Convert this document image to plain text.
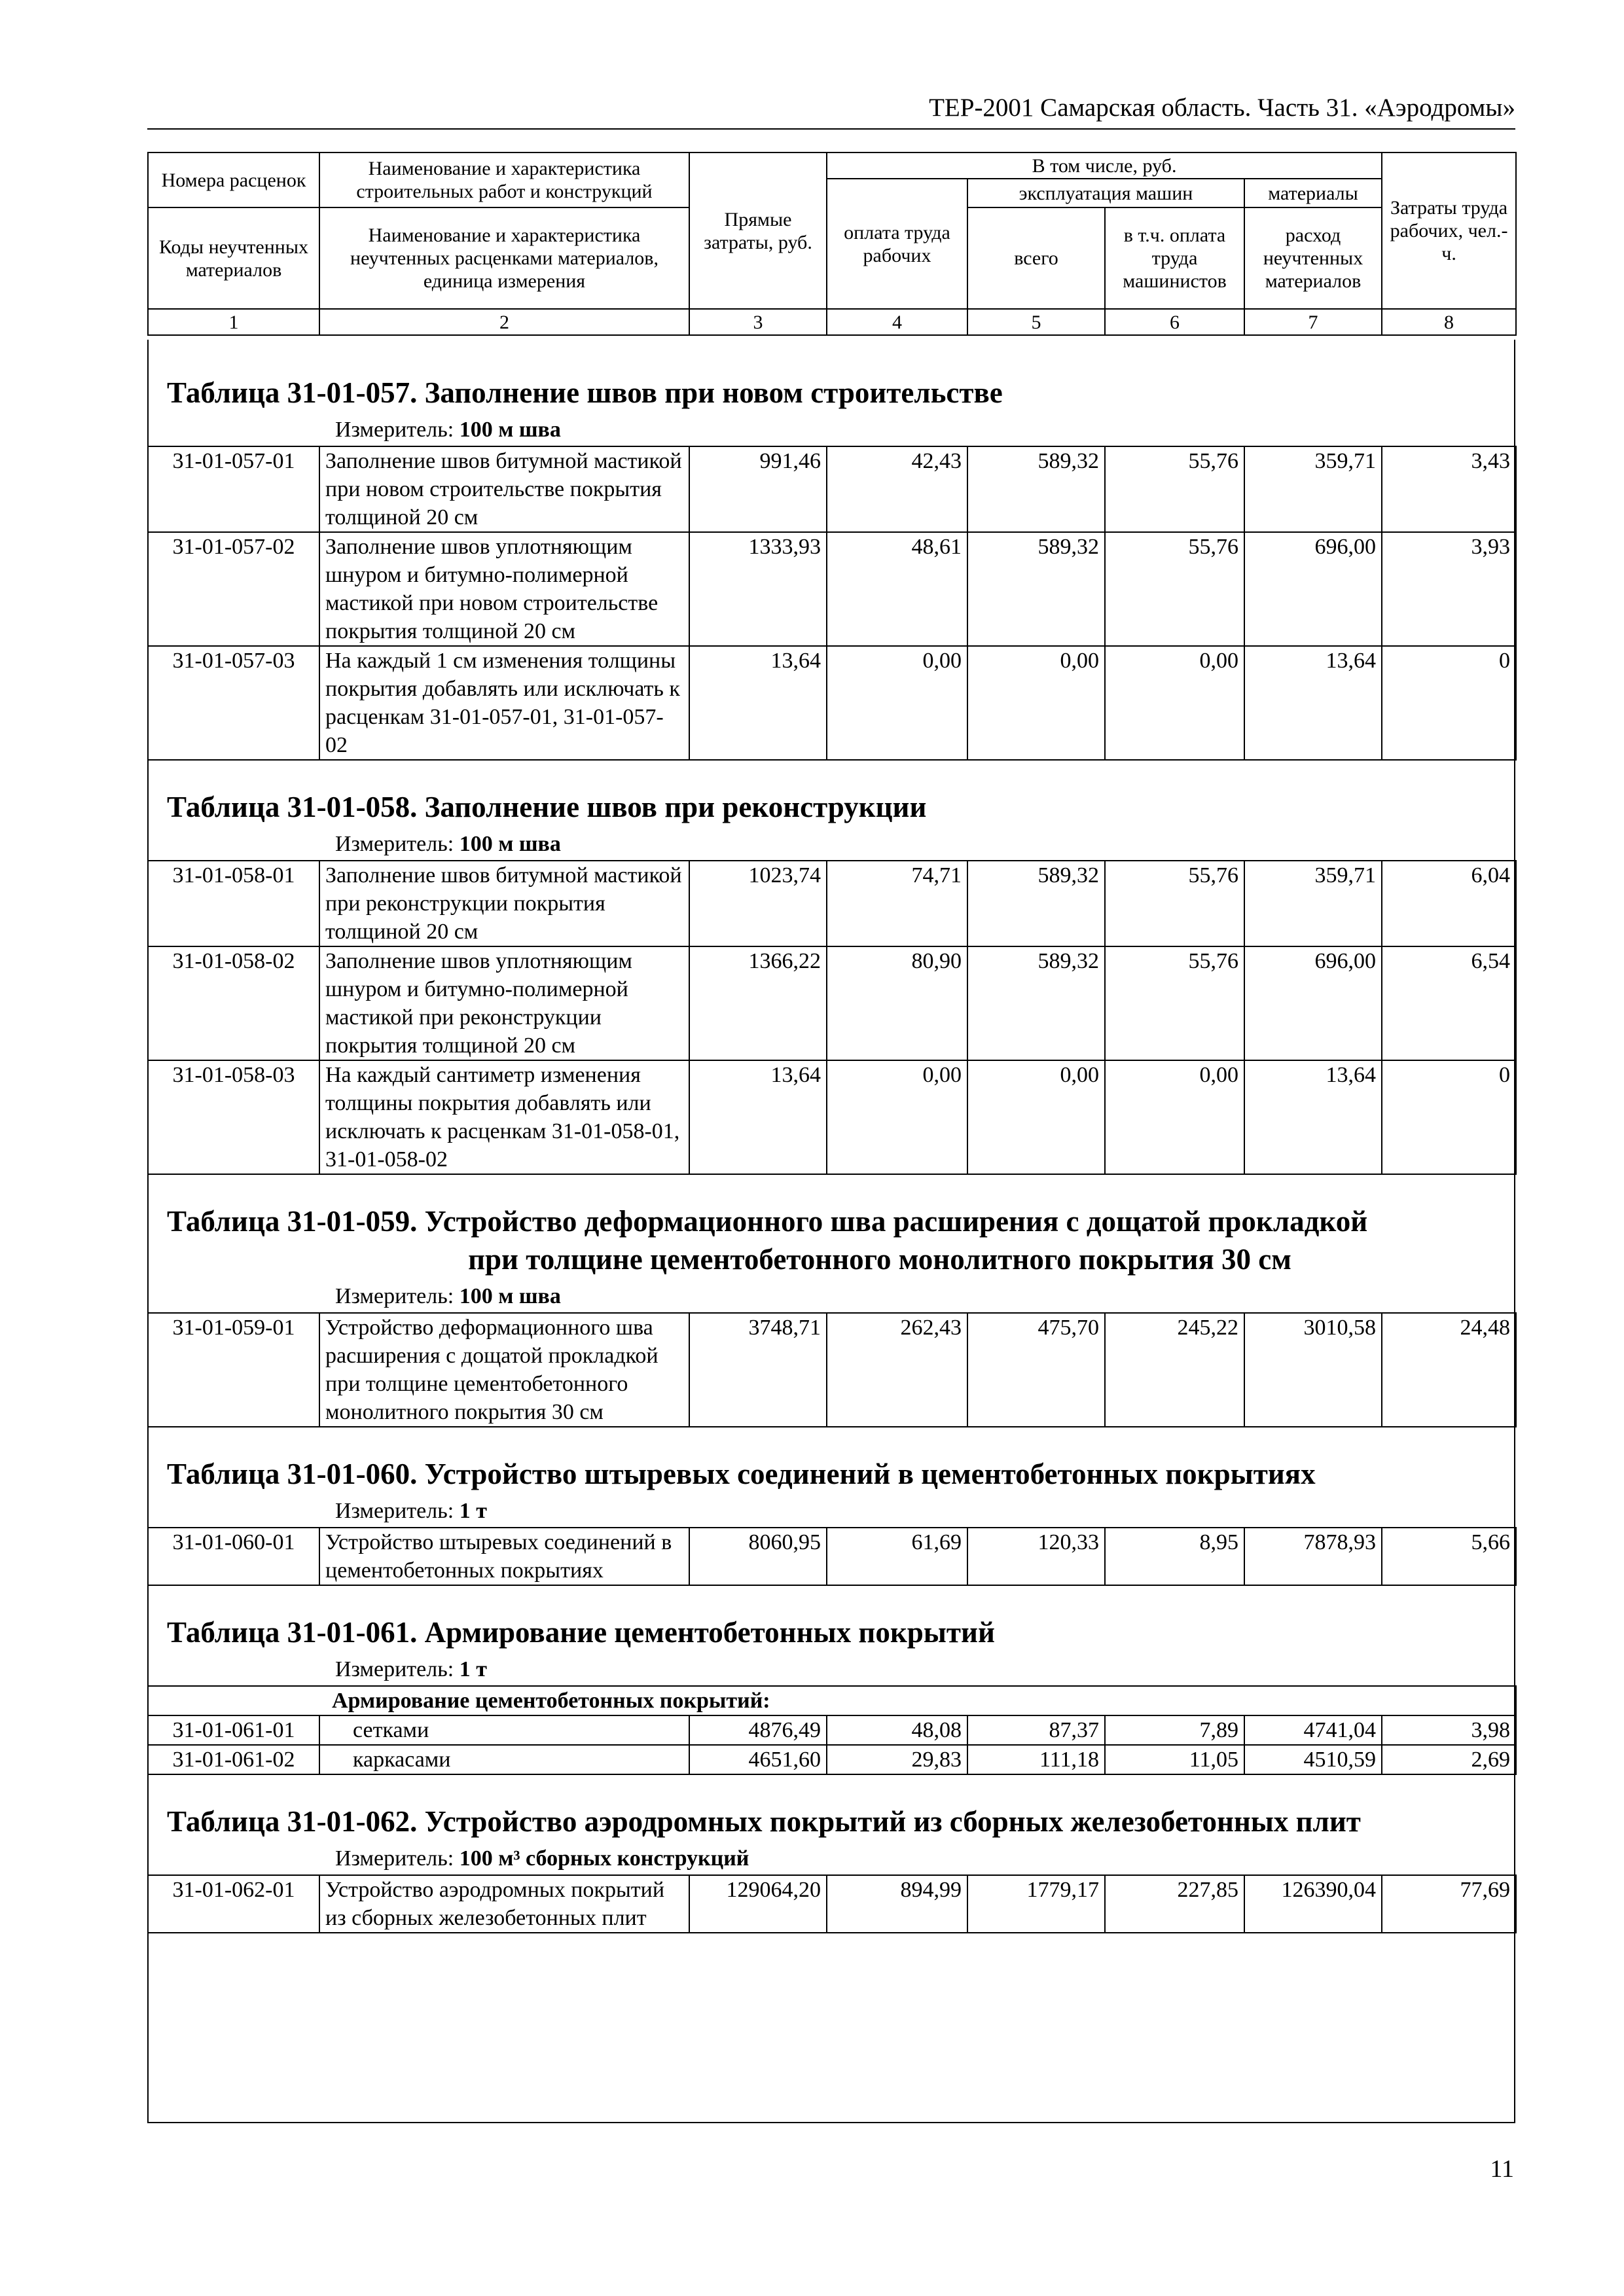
ТЕР-2001 Самарская область. Часть 31. «Аэродромы»
Номера расценок	Наименование и характеристика строительных работ и конструкций	Прямые затраты, руб.	В том числе, руб.				Затраты труда рабочих, чел.-ч.
			оплата труда рабочих	эксплуатация машин		материалы	
Коды неучтенных материалов	Наименование и характеристика неучтенных расценками материалов, единица измерения			всего	в т.ч. оплата труда машинистов	расход неучтенных материалов	
1	2	3	4	5	6	7	8
Таблица 31-01-057. Заполнение швов при новом строительстве
Измеритель: 100 м шва
31-01-057-01	Заполнение швов битумной мастикой при новом строительстве покрытия толщиной 20 см	991,46	42,43	589,32	55,76	359,71	3,43
31-01-057-02	Заполнение швов уплотняющим шнуром и битумно-полимерной мастикой при новом строительстве покрытия толщиной 20 см	1333,93	48,61	589,32	55,76	696,00	3,93
31-01-057-03	На каждый 1 см изменения толщины покрытия добавлять или исключать к расценкам 31-01-057-01, 31-01-057-02	13,64	0,00	0,00	0,00	13,64	0
Таблица 31-01-058. Заполнение швов при реконструкции
Измеритель: 100 м шва
31-01-058-01	Заполнение швов битумной мастикой при реконструкции покрытия толщиной 20 см	1023,74	74,71	589,32	55,76	359,71	6,04
31-01-058-02	Заполнение швов уплотняющим шнуром и битумно-полимерной мастикой при реконструкции покрытия толщиной 20 см	1366,22	80,90	589,32	55,76	696,00	6,54
31-01-058-03	На каждый сантиметр изменения толщины покрытия добавлять или исключать к расценкам 31-01-058-01, 31-01-058-02	13,64	0,00	0,00	0,00	13,64	0
Таблица 31-01-059. Устройство деформационного шва расширения с дощатой прокладкой
при толщине цементобетонного монолитного покрытия 30 см
Измеритель: 100 м шва
31-01-059-01	Устройство деформационного шва расширения с дощатой прокладкой при толщине цементобетонного монолитного покрытия 30 см	3748,71	262,43	475,70	245,22	3010,58	24,48
Таблица 31-01-060. Устройство штыревых соединений в цементобетонных покрытиях
Измеритель: 1 т
31-01-060-01	Устройство штыревых соединений в цементобетонных покрытиях	8060,95	61,69	120,33	8,95	7878,93	5,66
Таблица 31-01-061. Армирование цементобетонных покрытий
Измеритель: 1 т
Армирование цементобетонных покрытий:							
31-01-061-01	сетками	4876,49	48,08	87,37	7,89	4741,04	3,98
31-01-061-02	каркасами	4651,60	29,83	111,18	11,05	4510,59	2,69
Таблица 31-01-062. Устройство аэродромных покрытий из сборных железобетонных плит
Измеритель: 100 м³ сборных конструкций
31-01-062-01	Устройство аэродромных покрытий из сборных железобетонных плит	129064,20	894,99	1779,17	227,85	126390,04	77,69
11
